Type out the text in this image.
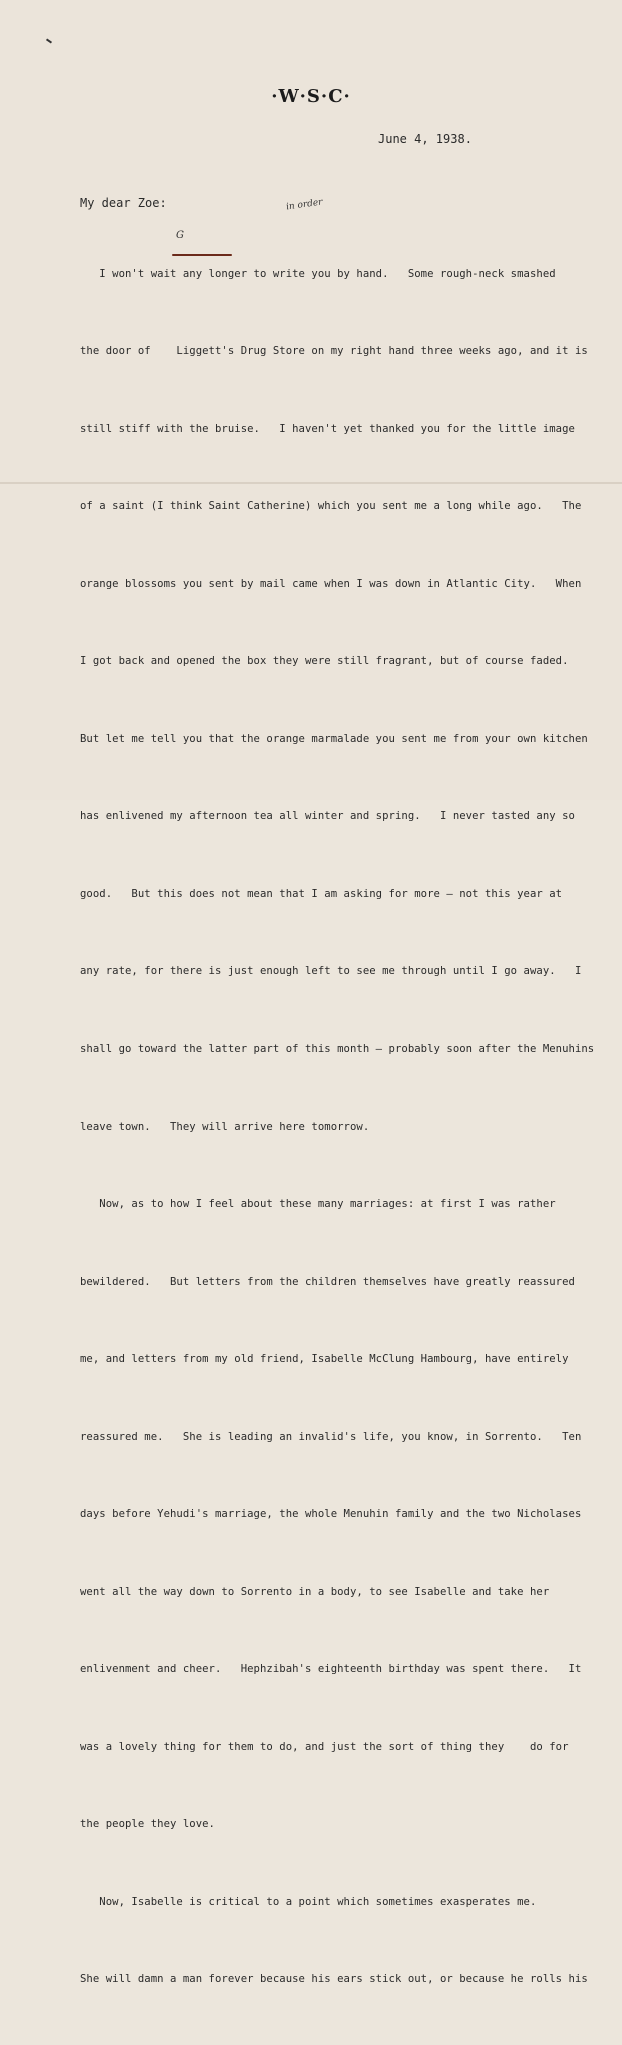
·W·S·C·
June 4, 1938.
My dear Zoe:	in order
G

I won't wait any longer to write you by hand.   Some rough-neck smashed

the door of    Liggett's Drug Store on my right hand three weeks ago, and it is

still stiff with the bruise.   I haven't yet thanked you for the little image

of a saint (I think Saint Catherine) which you sent me a long while ago.   The

orange blossoms you sent by mail came when I was down in Atlantic City.   When

I got back and opened the box they were still fragrant, but of course faded.

But let me tell you that the orange marmalade you sent me from your own kitchen

has enlivened my afternoon tea all winter and spring.   I never tasted any so

good.   But this does not mean that I am asking for more — not this year at

any rate, for there is just enough left to see me through until I go away.   I

shall go toward the latter part of this month — probably soon after the Menuhins

leave town.   They will arrive here tomorrow.

Now, as to how I feel about these many marriages: at first I was rather

bewildered.   But letters from the children themselves have greatly reassured

me, and letters from my old friend, Isabelle McClung Hambourg, have entirely

reassured me.   She is leading an invalid's life, you know, in Sorrento.   Ten

days before Yehudi's marriage, the whole Menuhin family and the two Nicholases

went all the way down to Sorrento in a body, to see Isabelle and take her

enlivenment and cheer.   Hephzibah's eighteenth birthday was spent there.   It

was a lovely thing for them to do, and just the sort of thing they    do for

the people they love.

Now, Isabelle is critical to a point which sometimes exasperates me.

She will damn a man forever because his ears stick out, or because he rolls his
